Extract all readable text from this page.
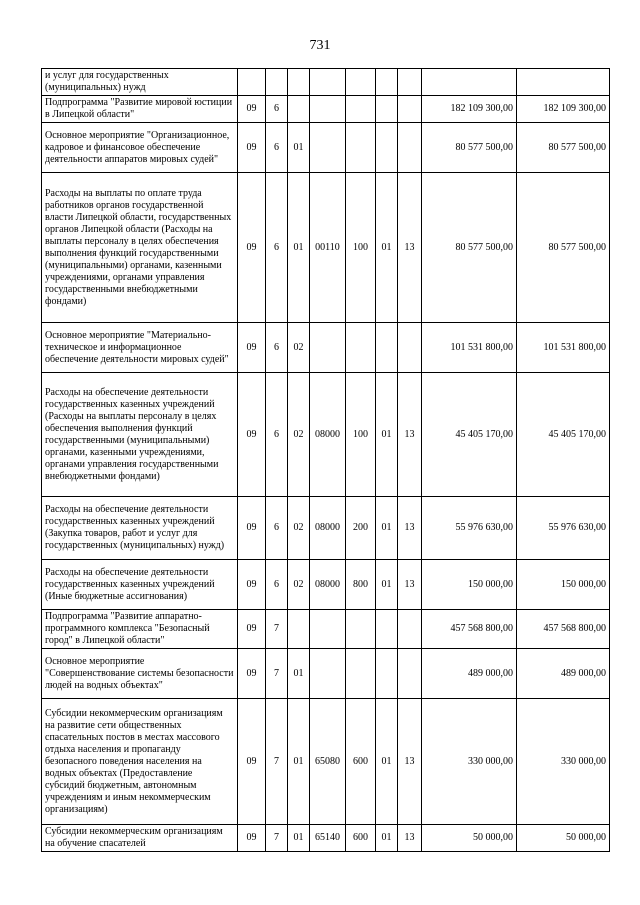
731
и услуг для государственных (муниципальных) нужд									
Подпрограмма "Развитие мировой юстиции в Липецкой области"	09	6						182 109 300,00	182 109 300,00
Основное мероприятие "Организационное, кадровое и финансовое обеспечение деятельности аппаратов мировых судей"	09	6	01					80 577 500,00	80 577 500,00
Расходы на выплаты по оплате труда работников органов государственной власти Липецкой области, государственных органов Липецкой области (Расходы на выплаты персоналу в целях обеспечения выполнения функций государственными (муниципальными) органами, казенными учреждениями, органами управления государственными внебюджетными фондами)	09	6	01	00110	100	01	13	80 577 500,00	80 577 500,00
Основное мероприятие "Материально-техническое и информационное обеспечение деятельности мировых судей"	09	6	02					101 531 800,00	101 531 800,00
Расходы на обеспечение деятельности государственных казенных учреждений (Расходы на выплаты персоналу в целях обеспечения выполнения функций государственными (муниципальными) органами, казенными учреждениями, органами управления государственными внебюджетными фондами)	09	6	02	08000	100	01	13	45 405 170,00	45 405 170,00
Расходы на обеспечение деятельности государственных казенных учреждений (Закупка товаров, работ и услуг для государственных (муниципальных) нужд)	09	6	02	08000	200	01	13	55 976 630,00	55 976 630,00
Расходы на обеспечение деятельности государственных казенных учреждений (Иные бюджетные ассигнования)	09	6	02	08000	800	01	13	150 000,00	150 000,00
Подпрограмма "Развитие аппаратно-программного комплекса "Безопасный город" в Липецкой области"	09	7						457 568 800,00	457 568 800,00
Основное мероприятие "Совершенствование системы безопасности людей на водных объектах"	09	7	01					489 000,00	489 000,00
Субсидии некоммерческим организациям на развитие сети общественных спасательных постов в местах массового отдыха населения и пропаганду безопасного поведения населения на водных объектах (Предоставление субсидий бюджетным, автономным учреждениям и иным некоммерческим организациям)	09	7	01	65080	600	01	13	330 000,00	330 000,00
Субсидии некоммерческим организациям на обучение спасателей	09	7	01	65140	600	01	13	50 000,00	50 000,00
